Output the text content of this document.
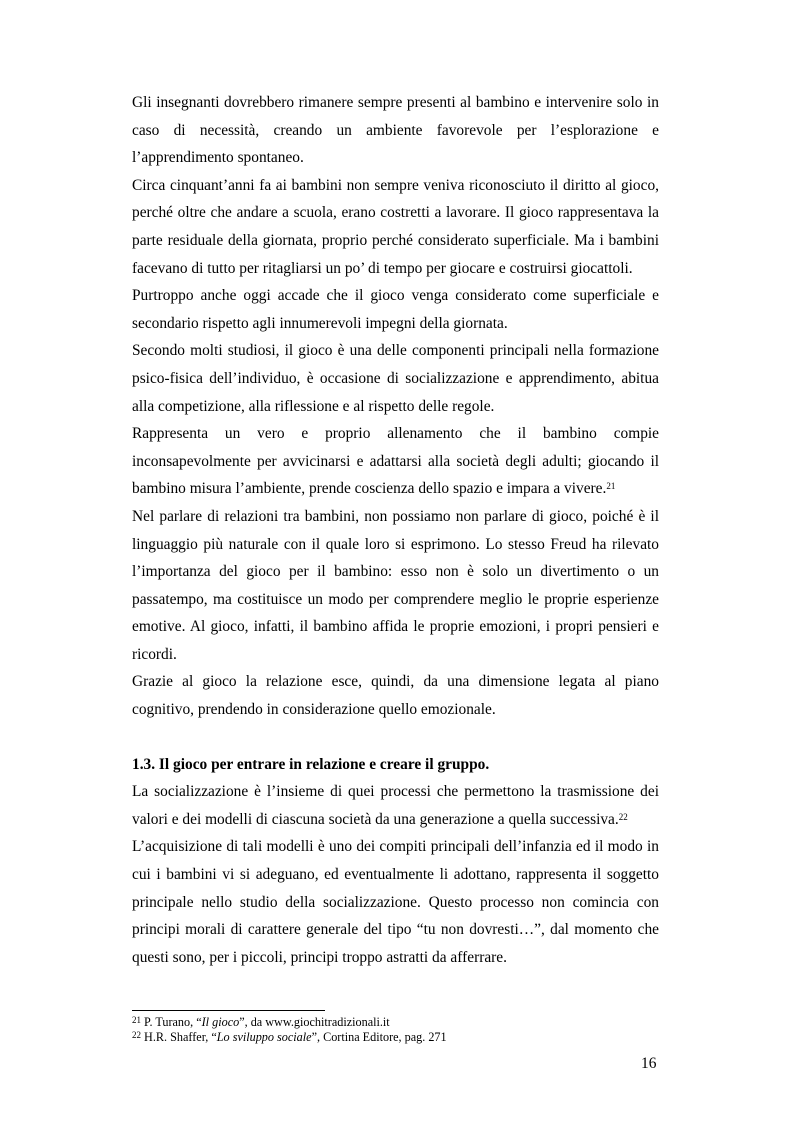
Gli insegnanti dovrebbero rimanere sempre presenti al bambino e intervenire solo in caso di necessità, creando un ambiente favorevole per l’esplorazione e l’apprendimento spontaneo.

Circa cinquant’anni fa ai bambini non sempre veniva riconosciuto il diritto al gioco, perché oltre che andare a scuola, erano costretti a lavorare. Il gioco rappresentava la parte residuale della giornata, proprio perché considerato superficiale. Ma i bambini facevano di tutto per ritagliarsi un po’ di tempo per giocare e costruirsi giocattoli.

Purtroppo anche oggi accade che il gioco venga considerato come superficiale e secondario rispetto agli innumerevoli impegni della giornata.

Secondo molti studiosi, il gioco è una delle componenti principali nella formazione psico-fisica dell’individuo, è occasione di socializzazione e apprendimento, abitua alla competizione, alla riflessione e al rispetto delle regole.

Rappresenta un vero e proprio allenamento che il bambino compie inconsapevolmente per avvicinarsi e adattarsi alla società degli adulti; giocando il bambino misura l’ambiente, prende coscienza dello spazio e impara a vivere.$^{21}$

Nel parlare di relazioni tra bambini, non possiamo non parlare di gioco, poiché è il linguaggio più naturale con il quale loro si esprimono. Lo stesso Freud ha rilevato l’importanza del gioco per il bambino: esso non è solo un divertimento o un passatempo, ma costituisce un modo per comprendere meglio le proprie esperienze emotive. Al gioco, infatti, il bambino affida le proprie emozioni, i propri pensieri e ricordi.

Grazie al gioco la relazione esce, quindi, da una dimensione legata al piano cognitivo, prendendo in considerazione quello emozionale.

1.3. Il gioco per entrare in relazione e creare il gruppo.

La socializzazione è l’insieme di quei processi che permettono la trasmissione dei valori e dei modelli di ciascuna società da una generazione a quella successiva.$^{22}$

L’acquisizione di tali modelli è uno dei compiti principali dell’infanzia ed il modo in cui i bambini vi si adeguano, ed eventualmente li adottano, rappresenta il soggetto principale nello studio della socializzazione. Questo processo non comincia con principi morali di carattere generale del tipo “tu non dovresti…”, dal momento che questi sono, per i piccoli, principi troppo astratti da afferrare.

$^{21}$ P. Turano, “Il gioco”, da www.giochitradizionali.it

$^{22}$ H.R. Shaffer, “Lo sviluppo sociale”, Cortina Editore, pag. 271

16
